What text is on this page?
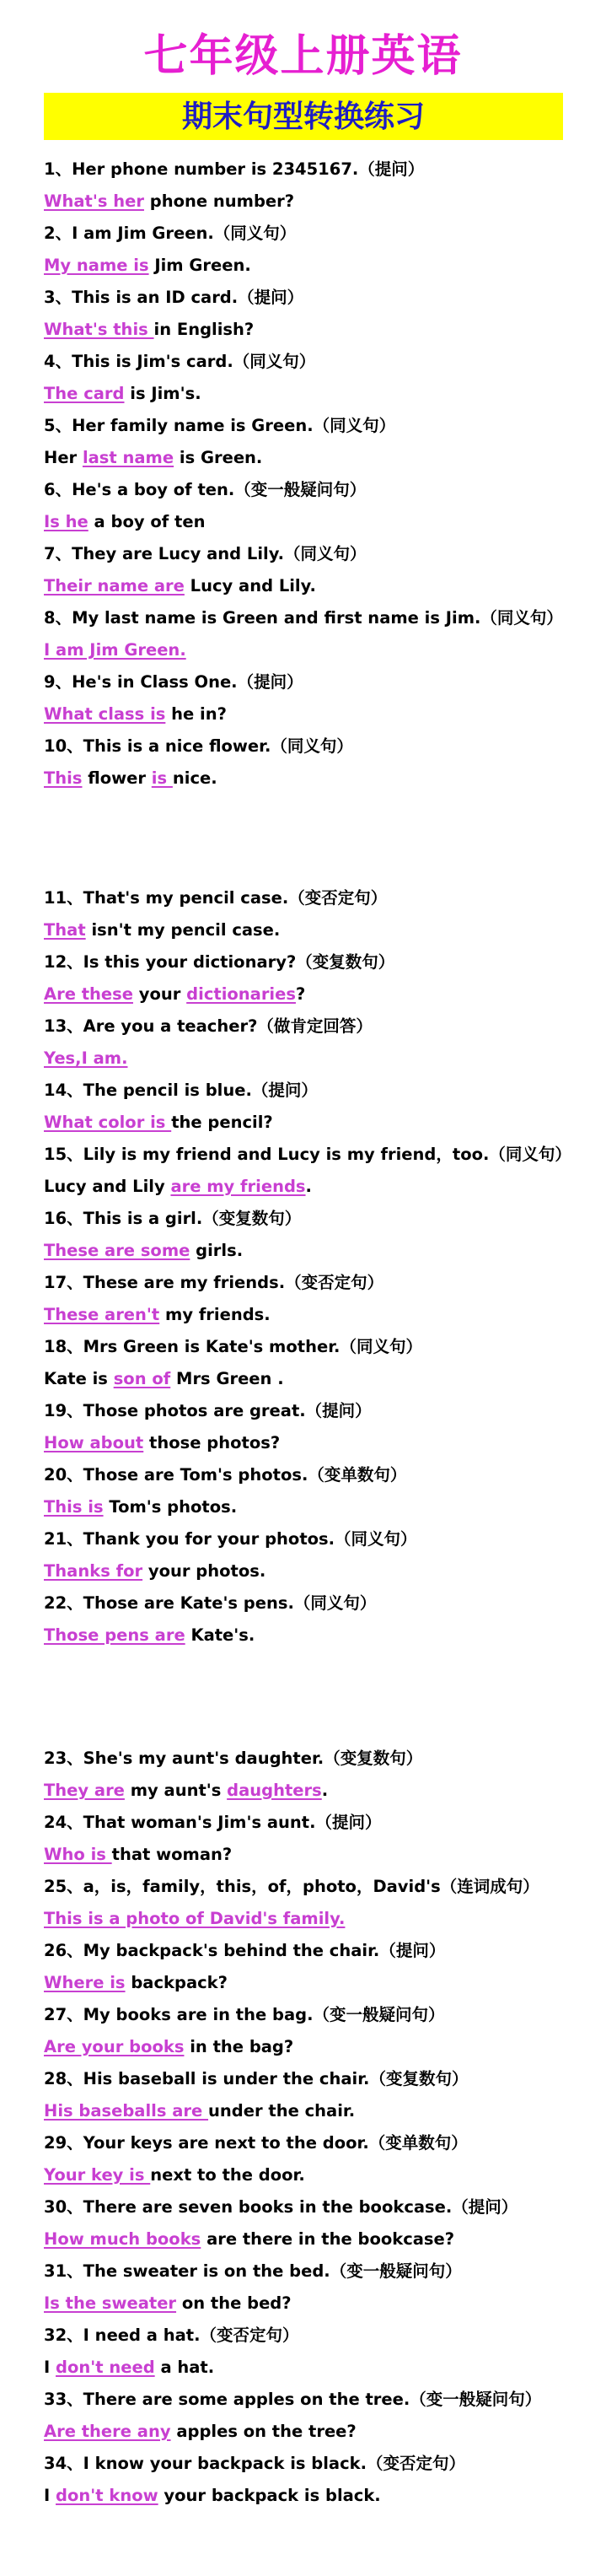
七年级上册英语
期末句型转换练习
1、Her phone number is 2345167.（提问）
What's her phone number?
2、I am Jim Green.（同义句）
My name is Jim Green.
3、This is an ID card.（提问）
What's this in English?
4、This is Jim's card.（同义句）
The card is Jim's.
5、Her family name is Green.（同义句）
Her last name is Green.
6、He's a boy of ten.（变一般疑问句）
Is he a boy of ten
7、They are Lucy and Lily.（同义句）
Their name are Lucy and Lily.
8、My last name is Green and first name is Jim.（同义句）
I am Jim Green.
9、He's in Class One.（提问）
What class is he in?
10、This is a nice flower.（同义句）
This flower is nice.
11、That's my pencil case.（变否定句）
That isn't my pencil case.
12、Is this your dictionary?（变复数句）
Are these your dictionaries?
13、Are you a teacher?（做肯定回答）
Yes,I am.
14、The pencil is blue.（提问）
What color is the pencil?
15、Lily is my friend and Lucy is my friend，too.（同义句）
Lucy and Lily are my friends.
16、This is a girl.（变复数句）
These are some girls.
17、These are my friends.（变否定句）
These aren't my friends.
18、Mrs Green is Kate's mother.（同义句）
Kate is son of Mrs Green .
19、Those photos are great.（提问）
How about those photos?
20、Those are Tom's photos.（变单数句）
This is Tom's photos.
21、Thank you for your photos.（同义句）
Thanks for your photos.
22、Those are Kate's pens.（同义句）
Those pens are Kate's.
23、She's my aunt's daughter.（变复数句）
They are my aunt's daughters.
24、That woman's Jim's aunt.（提问）
Who is that woman?
25、a，is，family，this，of，photo，David's（连词成句）
This is a photo of David's family.
26、My backpack's behind the chair.（提问）
Where is backpack?
27、My books are in the bag.（变一般疑问句）
Are your books in the bag?
28、His baseball is under the chair.（变复数句）
His baseballs are under the chair.
29、Your keys are next to the door.（变单数句）
Your key is next to the door.
30、There are seven books in the bookcase.（提问）
How much books are there in the bookcase?
31、The sweater is on the bed.（变一般疑问句）
Is the sweater on the bed?
32、I need a hat.（变否定句）
I don't need a hat.
33、There are some apples on the tree.（变一般疑问句）
Are there any apples on the tree?
34、I know your backpack is black.（变否定句）
I don't know your backpack is black.
